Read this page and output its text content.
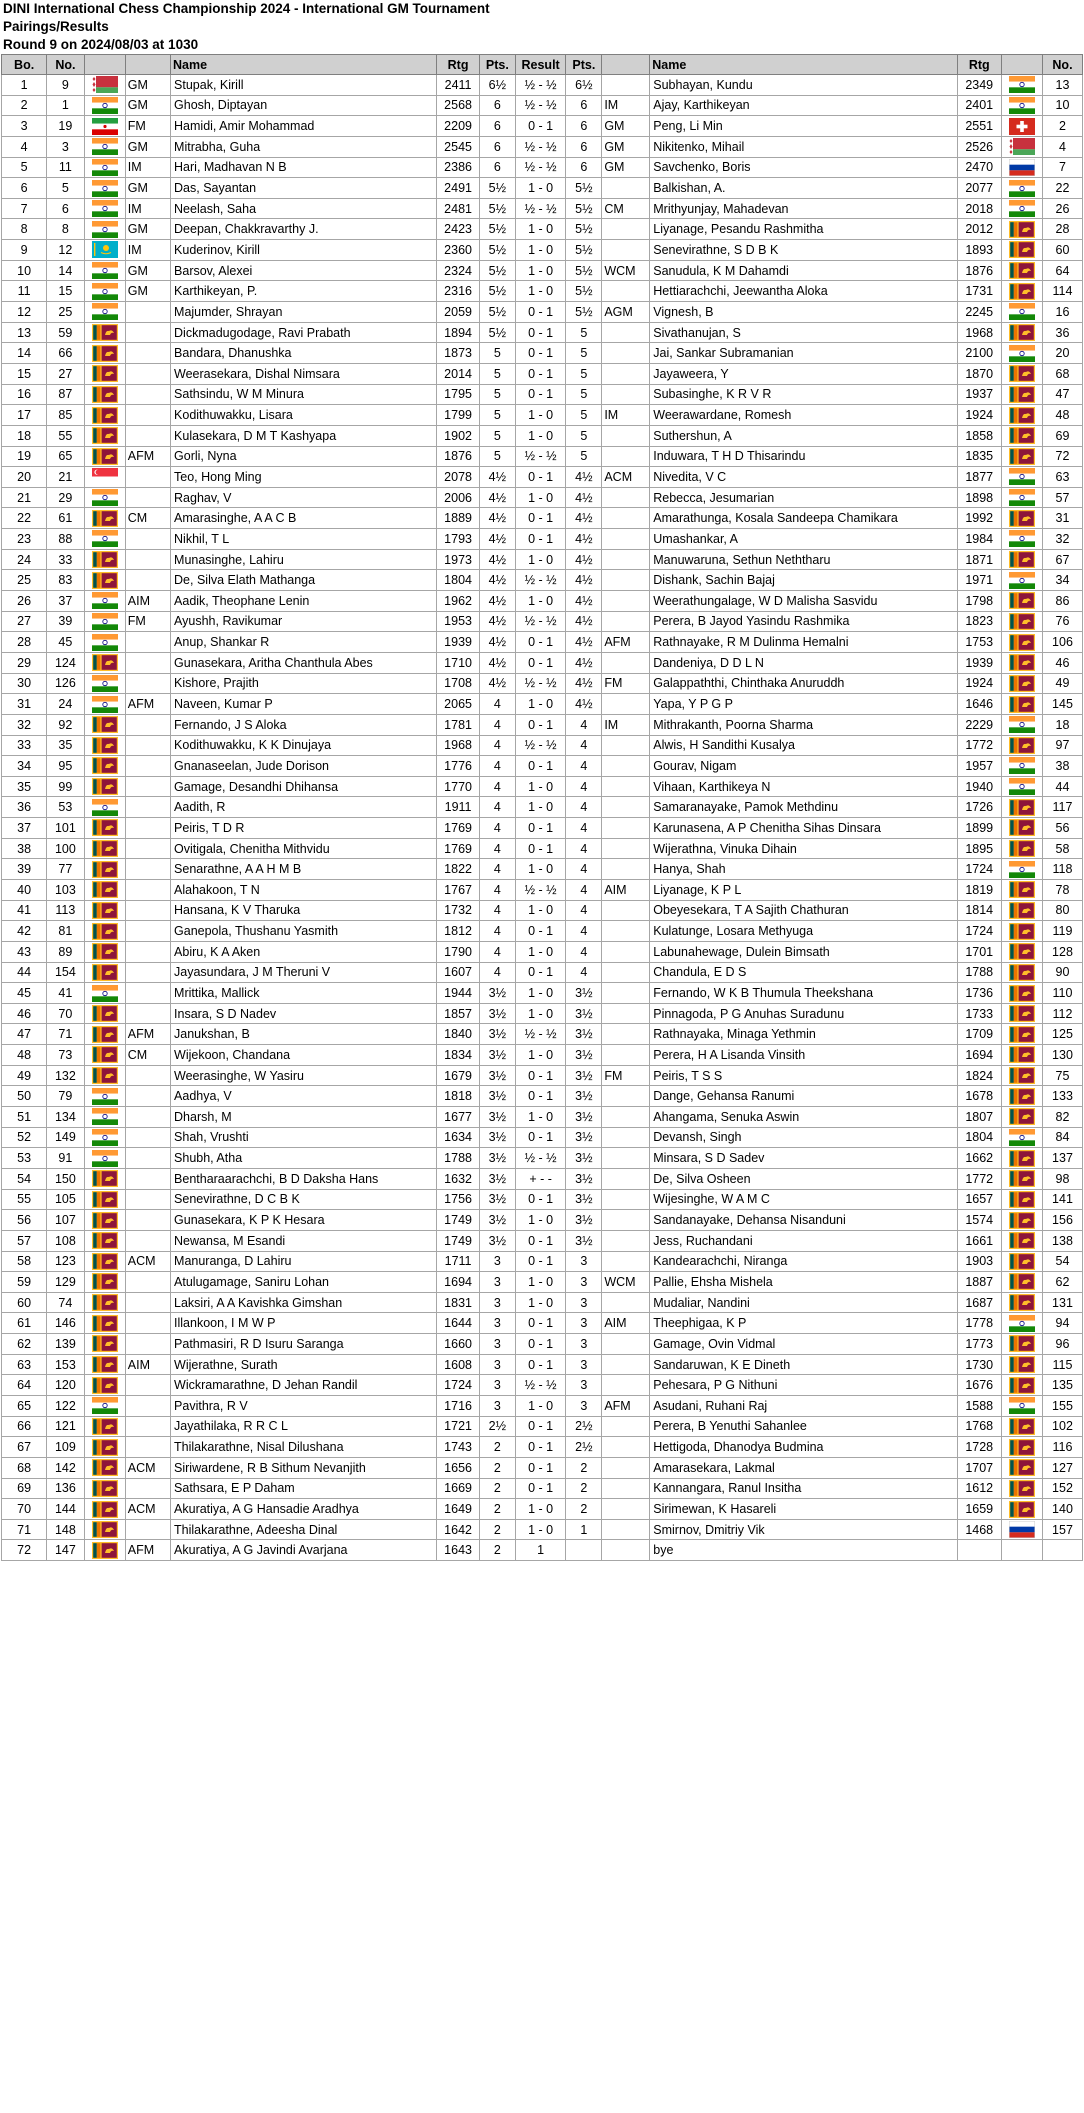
DINI International Chess Championship 2024 - International GM Tournament
Pairings/Results
Round 9 on 2024/08/03 at 1030
Bo.	No.			Name	Rtg	Pts.	Result	Pts.		Name	Rtg		No.
1	9		GM	Stupak, Kirill	2411	6½	½ - ½	6½		Subhayan, Kundu	2349		13
2	1		GM	Ghosh, Diptayan	2568	6	½ - ½	6	IM	Ajay, Karthikeyan	2401		10
3	19		FM	Hamidi, Amir Mohammad	2209	6	0 - 1	6	GM	Peng, Li Min	2551		2
4	3		GM	Mitrabha, Guha	2545	6	½ - ½	6	GM	Nikitenko, Mihail	2526		4
5	11		IM	Hari, Madhavan N B	2386	6	½ - ½	6	GM	Savchenko, Boris	2470		7
6	5		GM	Das, Sayantan	2491	5½	1 - 0	5½		Balkishan, A.	2077		22
7	6		IM	Neelash, Saha	2481	5½	½ - ½	5½	CM	Mrithyunjay, Mahadevan	2018		26
8	8		GM	Deepan, Chakkravarthy J.	2423	5½	1 - 0	5½		Liyanage, Pesandu Rashmitha	2012		28
9	12		IM	Kuderinov, Kirill	2360	5½	1 - 0	5½		Senevirathne, S D B K	1893		60
10	14		GM	Barsov, Alexei	2324	5½	1 - 0	5½	WCM	Sanudula, K M Dahamdi	1876		64
11	15		GM	Karthikeyan, P.	2316	5½	1 - 0	5½		Hettiarachchi, Jeewantha Aloka	1731		114
12	25			Majumder, Shrayan	2059	5½	0 - 1	5½	AGM	Vignesh, B	2245		16
13	59			Dickmadugodage, Ravi Prabath	1894	5½	0 - 1	5		Sivathanujan, S	1968		36
14	66			Bandara, Dhanushka	1873	5	0 - 1	5		Jai, Sankar Subramanian	2100		20
15	27			Weerasekara, Dishal Nimsara	2014	5	0 - 1	5		Jayaweera, Y	1870		68
16	87			Sathsindu, W M Minura	1795	5	0 - 1	5		Subasinghe, K R V R	1937		47
17	85			Kodithuwakku, Lisara	1799	5	1 - 0	5	IM	Weerawardane, Romesh	1924		48
18	55			Kulasekara, D M T Kashyapa	1902	5	1 - 0	5		Suthershun, A	1858		69
19	65		AFM	Gorli, Nyna	1876	5	½ - ½	5		Induwara, T H D Thisarindu	1835		72
20	21			Teo, Hong Ming	2078	4½	0 - 1	4½	ACM	Nivedita, V C	1877		63
21	29			Raghav, V	2006	4½	1 - 0	4½		Rebecca, Jesumarian	1898		57
22	61		CM	Amarasinghe, A A C B	1889	4½	0 - 1	4½		Amarathunga, Kosala Sandeepa Chamikara	1992		31
23	88			Nikhil, T L	1793	4½	0 - 1	4½		Umashankar, A	1984		32
24	33			Munasinghe, Lahiru	1973	4½	1 - 0	4½		Manuwaruna, Sethun Neththaru	1871		67
25	83			De, Silva Elath Mathanga	1804	4½	½ - ½	4½		Dishank, Sachin Bajaj	1971		34
26	37		AIM	Aadik, Theophane Lenin	1962	4½	1 - 0	4½		Weerathungalage, W D Malisha Sasvidu	1798		86
27	39		FM	Ayushh, Ravikumar	1953	4½	½ - ½	4½		Perera, B Jayod Yasindu Rashmika	1823		76
28	45			Anup, Shankar R	1939	4½	0 - 1	4½	AFM	Rathnayake, R M Dulinma Hemalni	1753		106
29	124			Gunasekara, Aritha Chanthula Abes	1710	4½	0 - 1	4½		Dandeniya, D D L N	1939		46
30	126			Kishore, Prajith	1708	4½	½ - ½	4½	FM	Galappaththi, Chinthaka Anuruddh	1924		49
31	24		AFM	Naveen, Kumar P	2065	4	1 - 0	4½		Yapa, Y P G P	1646		145
32	92			Fernando, J S Aloka	1781	4	0 - 1	4	IM	Mithrakanth, Poorna Sharma	2229		18
33	35			Kodithuwakku, K K Dinujaya	1968	4	½ - ½	4		Alwis, H Sandithi Kusalya	1772		97
34	95			Gnanaseelan, Jude Dorison	1776	4	0 - 1	4		Gourav, Nigam	1957		38
35	99			Gamage, Desandhi Dhihansa	1770	4	1 - 0	4		Vihaan, Karthikeya N	1940		44
36	53			Aadith, R	1911	4	1 - 0	4		Samaranayake, Pamok Methdinu	1726		117
37	101			Peiris, T D R	1769	4	0 - 1	4		Karunasena, A P Chenitha Sihas Dinsara	1899		56
38	100			Ovitigala, Chenitha Mithvidu	1769	4	0 - 1	4		Wijerathna, Vinuka Dihain	1895		58
39	77			Senarathne, A A H M B	1822	4	1 - 0	4		Hanya, Shah	1724		118
40	103			Alahakoon, T N	1767	4	½ - ½	4	AIM	Liyanage, K P L	1819		78
41	113			Hansana, K V Tharuka	1732	4	1 - 0	4		Obeyesekara, T A Sajith Chathuran	1814		80
42	81			Ganepola, Thushanu Yasmith	1812	4	0 - 1	4		Kulatunge, Losara Methyuga	1724		119
43	89			Abiru, K A Aken	1790	4	1 - 0	4		Labunahewage, Dulein Bimsath	1701		128
44	154			Jayasundara, J M Theruni V	1607	4	0 - 1	4		Chandula, E D S	1788		90
45	41			Mrittika, Mallick	1944	3½	1 - 0	3½		Fernando, W K B Thumula Theekshana	1736		110
46	70			Insara, S D Nadev	1857	3½	1 - 0	3½		Pinnagoda, P G Anuhas Suradunu	1733		112
47	71		AFM	Janukshan, B	1840	3½	½ - ½	3½		Rathnayaka, Minaga Yethmin	1709		125
48	73		CM	Wijekoon, Chandana	1834	3½	1 - 0	3½		Perera, H A Lisanda Vinsith	1694		130
49	132			Weerasinghe, W Yasiru	1679	3½	0 - 1	3½	FM	Peiris, T S S	1824		75
50	79			Aadhya, V	1818	3½	0 - 1	3½		Dange, Gehansa Ranumi	1678		133
51	134			Dharsh, M	1677	3½	1 - 0	3½		Ahangama, Senuka Aswin	1807		82
52	149			Shah, Vrushti	1634	3½	0 - 1	3½		Devansh, Singh	1804		84
53	91			Shubh, Atha	1788	3½	½ - ½	3½		Minsara, S D Sadev	1662		137
54	150			Bentharaarachchi, B D Daksha Hans	1632	3½	+ - -	3½		De, Silva Osheen	1772		98
55	105			Senevirathne, D C B K	1756	3½	0 - 1	3½		Wijesinghe, W A M C	1657		141
56	107			Gunasekara, K P K Hesara	1749	3½	1 - 0	3½		Sandanayake, Dehansa Nisanduni	1574		156
57	108			Newansa, M Esandi	1749	3½	0 - 1	3½		Jess, Ruchandani	1661		138
58	123		ACM	Manuranga, D Lahiru	1711	3	0 - 1	3		Kandearachchi, Niranga	1903		54
59	129			Atulugamage, Saniru Lohan	1694	3	1 - 0	3	WCM	Pallie, Ehsha Mishela	1887		62
60	74			Laksiri, A A Kavishka Gimshan	1831	3	1 - 0	3		Mudaliar, Nandini	1687		131
61	146			Illankoon, I M W P	1644	3	0 - 1	3	AIM	Theephigaa, K P	1778		94
62	139			Pathmasiri, R D Isuru Saranga	1660	3	0 - 1	3		Gamage, Ovin Vidmal	1773		96
63	153		AIM	Wijerathne, Surath	1608	3	0 - 1	3		Sandaruwan, K E Dineth	1730		115
64	120			Wickramarathne, D Jehan Randil	1724	3	½ - ½	3		Pehesara, P G Nithuni	1676		135
65	122			Pavithra, R V	1716	3	1 - 0	3	AFM	Asudani, Ruhani Raj	1588		155
66	121			Jayathilaka, R R C L	1721	2½	0 - 1	2½		Perera, B Yenuthi Sahanlee	1768		102
67	109			Thilakarathne, Nisal Dilushana	1743	2	0 - 1	2½		Hettigoda, Dhanodya Budmina	1728		116
68	142		ACM	Siriwardene, R B Sithum Nevanjith	1656	2	0 - 1	2		Amarasekara, Lakmal	1707		127
69	136			Sathsara, E P Daham	1669	2	0 - 1	2		Kannangara, Ranul Insitha	1612		152
70	144		ACM	Akuratiya, A G Hansadie Aradhya	1649	2	1 - 0	2		Sirimewan, K Hasareli	1659		140
71	148			Thilakarathne, Adeesha Dinal	1642	2	1 - 0	1		Smirnov, Dmitriy Vik	1468		157
72	147		AFM	Akuratiya, A G Javindi Avarjana	1643	2	1			bye			
